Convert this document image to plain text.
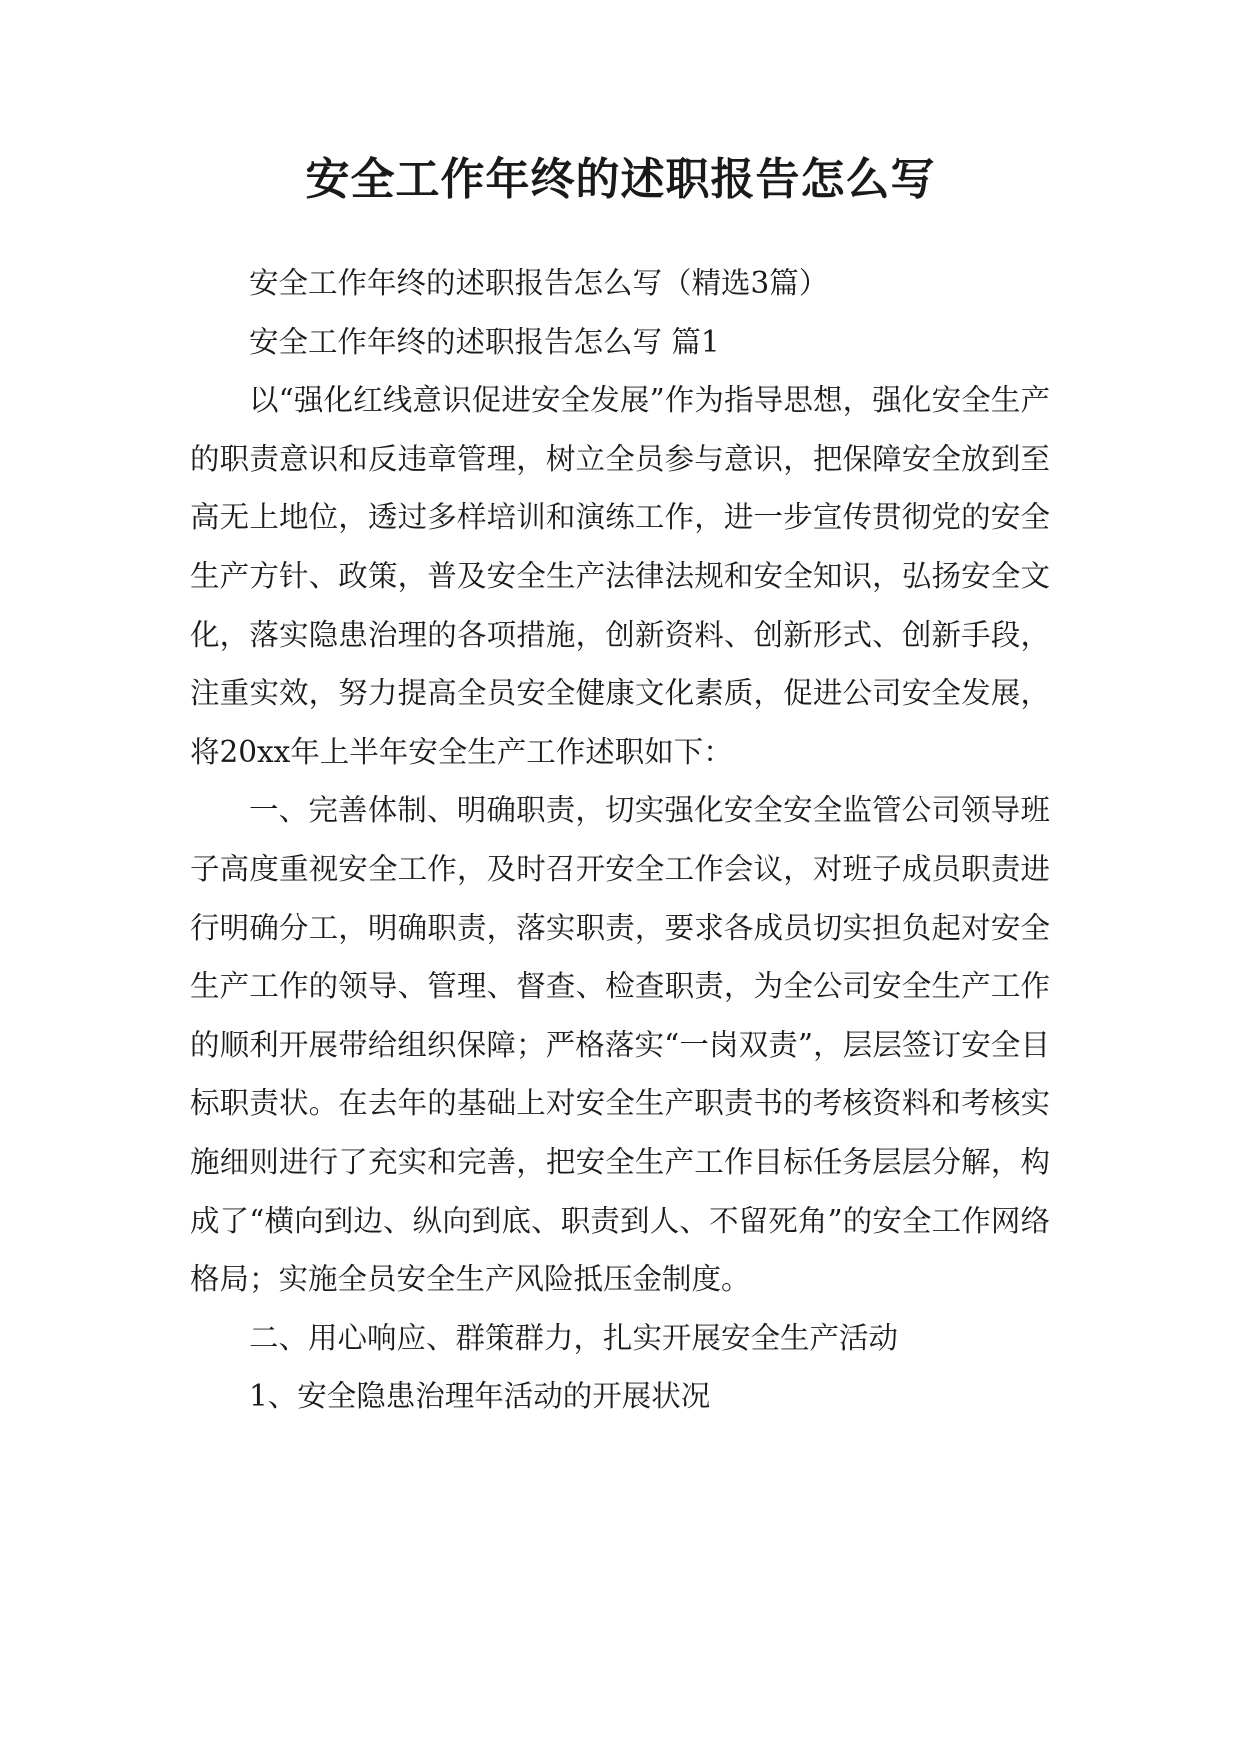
安全工作年终的述职报告怎么写

安全工作年终的述职报告怎么写（精选3篇）

安全工作年终的述职报告怎么写 篇1

以“强化红线意识促进安全发展”作为指导思想，强化安全生产的职责意识和反违章管理，树立全员参与意识，把保障安全放到至高无上地位，透过多样培训和演练工作，进一步宣传贯彻党的安全生产方针、政策，普及安全生产法律法规和安全知识，弘扬安全文化，落实隐患治理的各项措施，创新资料、创新形式、创新手段，注重实效，努力提高全员安全健康文化素质，促进公司安全发展，将20xx年上半年安全生产工作述职如下：

一、完善体制、明确职责，切实强化安全安全监管公司领导班子高度重视安全工作，及时召开安全工作会议，对班子成员职责进行明确分工，明确职责，落实职责，要求各成员切实担负起对安全生产工作的领导、管理、督查、检查职责，为全公司安全生产工作的顺利开展带给组织保障；严格落实“一岗双责”，层层签订安全目标职责状。在去年的基础上对安全生产职责书的考核资料和考核实施细则进行了充实和完善，把安全生产工作目标任务层层分解，构成了“横向到边、纵向到底、职责到人、不留死角”的安全工作网络格局；实施全员安全生产风险抵压金制度。

二、用心响应、群策群力，扎实开展安全生产活动

1、安全隐患治理年活动的开展状况
